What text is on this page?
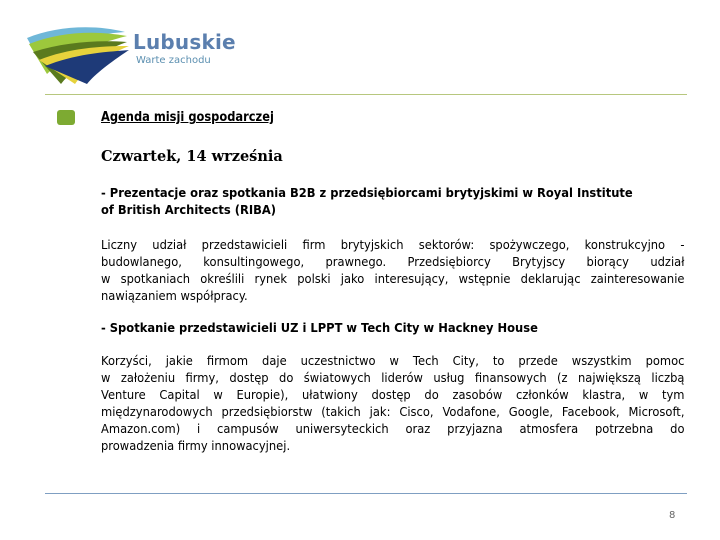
Lubuskie
Warte zachodu
Agenda misji gospodarczej
Czwartek, 14 września
- Prezentacje oraz spotkania B2B z przedsiębiorcami brytyjskimi w Royal Institute
of British Architects (RIBA)
Liczny udział przedstawicieli firm brytyjskich sektorów: spożywczego, konstrukcyjno -
budowlanego, konsultingowego, prawnego. Przedsiębiorcy Brytyjscy biorący udział
w spotkaniach określili rynek polski jako interesujący, wstępnie deklarując zainteresowanie
nawiązaniem współpracy.
- Spotkanie przedstawicieli UZ i LPPT w Tech City w Hackney House
Korzyści, jakie firmom daje uczestnictwo w Tech City, to przede wszystkim pomoc
w założeniu firmy, dostęp do światowych liderów usług finansowych (z największą liczbą
Venture Capital w Europie), ułatwiony dostęp do zasobów członków klastra, w tym
międzynarodowych przedsiębiorstw (takich jak: Cisco, Vodafone, Google, Facebook, Microsoft,
Amazon.com) i campusów uniwersyteckich oraz przyjazna atmosfera potrzebna do
prowadzenia firmy innowacyjnej.
8
